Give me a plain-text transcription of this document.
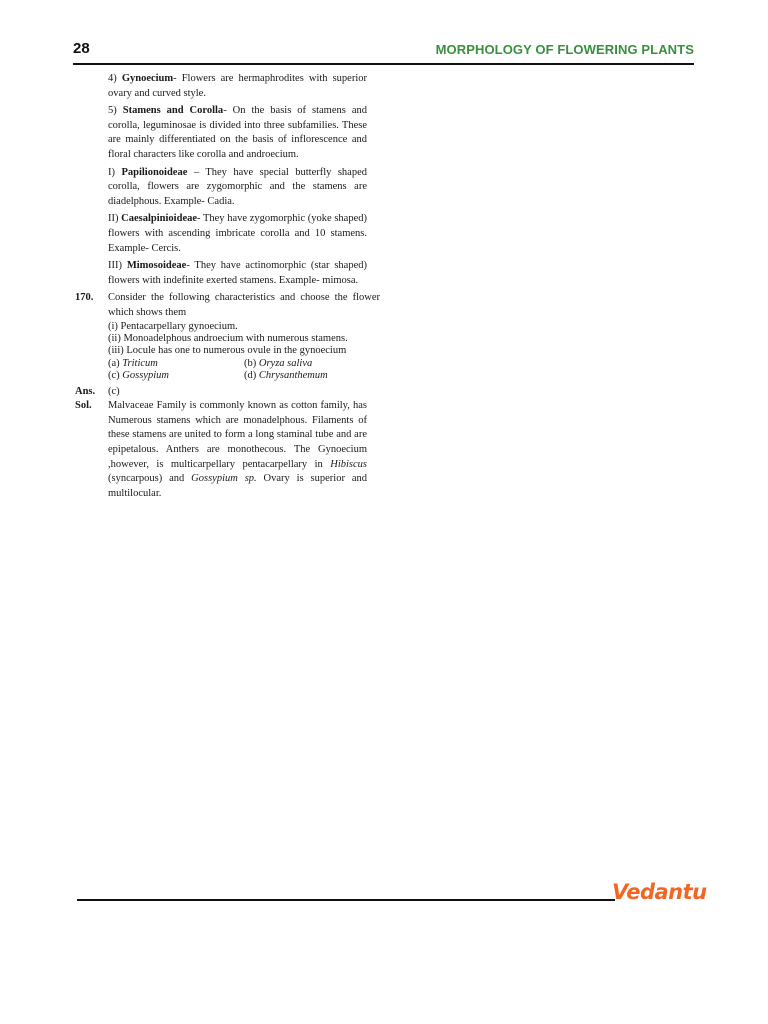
28	MORPHOLOGY OF FLOWERING PLANTS

4) Gynoecium- Flowers are hermaphrodites with superior ovary and curved style.

5) Stamens and Corolla- On the basis of stamens and corolla, leguminosae is divided into three subfamilies. These are mainly differentiated on the basis of inflorescence and floral characters like corolla and androecium.

I) Papilionoideae – They have special butterfly shaped corolla, flowers are zygomorphic and the stamens are diadelphous. Example- Cadia.

II) Caesalpinioideae- They have zygomorphic (yoke shaped) flowers with ascending imbricate corolla and 10 stamens. Example- Cercis.

III) Mimosoideae- They have actinomorphic (star shaped) flowers with indefinite exerted stamens. Example- mimosa.

170.	Consider the following characteristics and choose the flower which shows them

(i) Pentacarpellary gynoecium.

(ii) Monoadelphous androecium with numerous stamens.

(iii) Locule has one to numerous ovule in the gynoecium

(a) Triticum	(b) Oryza saliva
(c) Gossypium	(d) Chrysanthemum
Ans.	(c)
Sol.	Malvaceae Family is commonly known as cotton family, has Numerous stamens which are monadelphous. Filaments of these stamens are united to form a long staminal tube and are epipetalous. Anthers are monothecous. The Gynoecium ,however, is multicarpellary pentacarpellary in Hibiscus (syncarpous) and Gossypium sp. Ovary is superior and multilocular.

Vedantu
